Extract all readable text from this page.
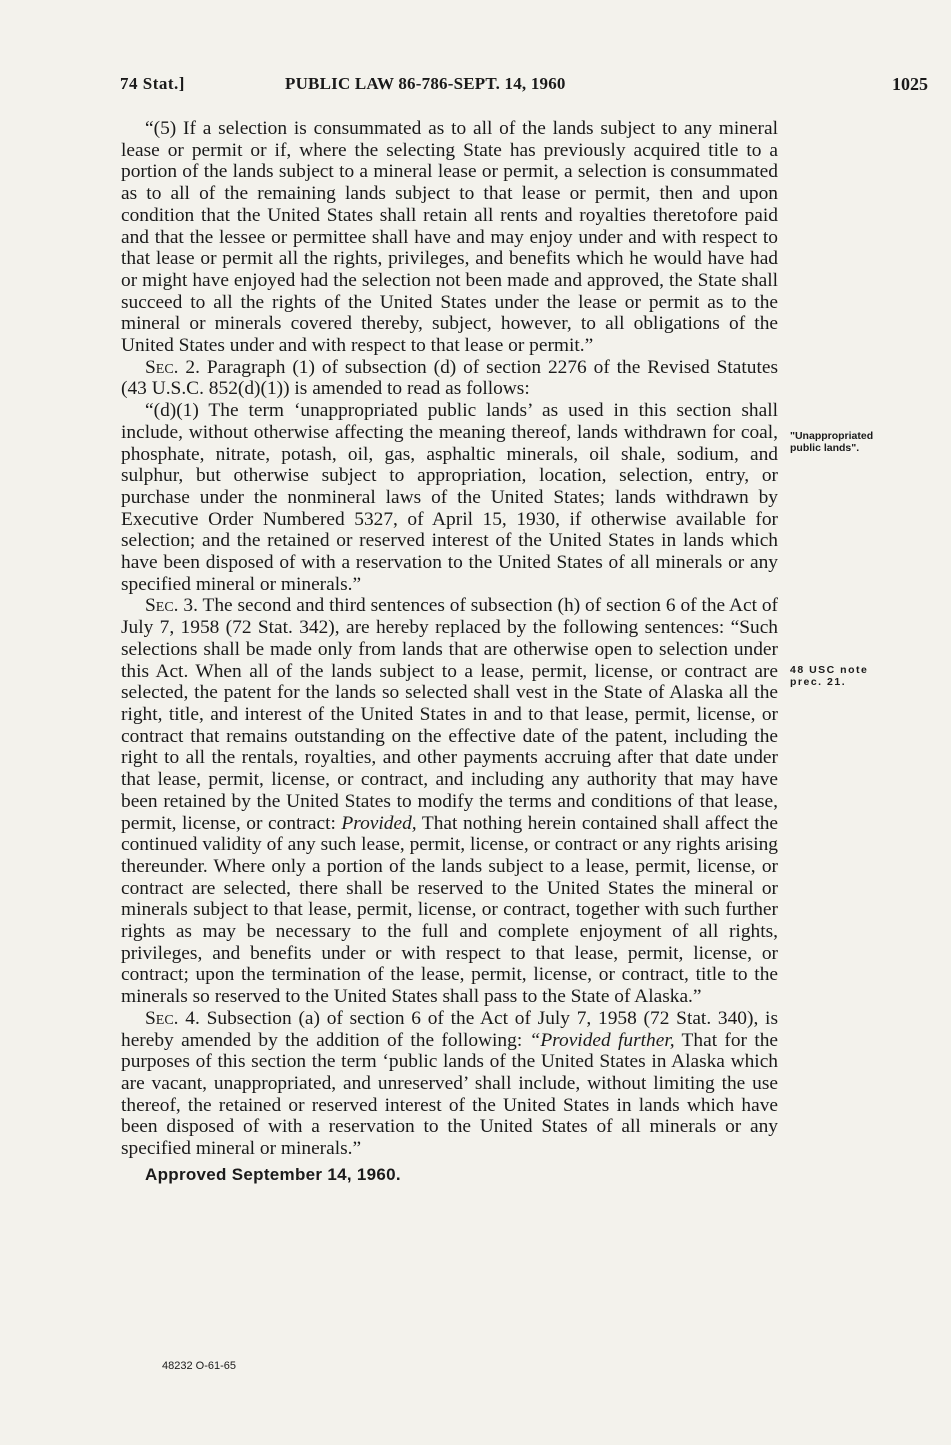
74 Stat.]	PUBLIC LAW 86-786-SEPT. 14, 1960	1025

“(5) If a selection is consummated as to all of the lands subject to any mineral lease or permit or if, where the selecting State has previously acquired title to a portion of the lands subject to a mineral lease or permit, a selection is consummated as to all of the remaining lands subject to that lease or permit, then and upon condition that the United States shall retain all rents and royalties theretofore paid and that the lessee or permittee shall have and may enjoy under and with respect to that lease or permit all the rights, privileges, and benefits which he would have had or might have enjoyed had the selection not been made and approved, the State shall succeed to all the rights of the United States under the lease or permit as to the mineral or minerals covered thereby, subject, however, to all obligations of the United States under and with respect to that lease or permit.”

Sec. 2. Paragraph (1) of subsection (d) of section 2276 of the Revised Statutes (43 U.S.C. 852(d)(1)) is amended to read as follows:

“(d)(1) The term ‘unappropriated public lands’ as used in this section shall include, without otherwise affecting the meaning thereof, lands withdrawn for coal, phosphate, nitrate, potash, oil, gas, asphaltic minerals, oil shale, sodium, and sulphur, but otherwise subject to appropriation, location, selection, entry, or purchase under the nonmineral laws of the United States; lands withdrawn by Executive Order Numbered 5327, of April 15, 1930, if otherwise available for selection; and the retained or reserved interest of the United States in lands which have been disposed of with a reservation to the United States of all minerals or any specified mineral or minerals.”

Sec. 3. The second and third sentences of subsection (h) of section 6 of the Act of July 7, 1958 (72 Stat. 342), are hereby replaced by the following sentences: “Such selections shall be made only from lands that are otherwise open to selection under this Act. When all of the lands subject to a lease, permit, license, or contract are selected, the patent for the lands so selected shall vest in the State of Alaska all the right, title, and interest of the United States in and to that lease, permit, license, or contract that remains outstanding on the effective date of the patent, including the right to all the rentals, royalties, and other payments accruing after that date under that lease, permit, license, or contract, and including any authority that may have been retained by the United States to modify the terms and conditions of that lease, permit, license, or contract: Provided, That nothing herein contained shall affect the continued validity of any such lease, permit, license, or contract or any rights arising thereunder. Where only a portion of the lands subject to a lease, permit, license, or contract are selected, there shall be reserved to the United States the mineral or minerals subject to that lease, permit, license, or contract, together with such further rights as may be necessary to the full and complete enjoyment of all rights, privileges, and benefits under or with respect to that lease, permit, license, or contract; upon the termination of the lease, permit, license, or contract, title to the minerals so reserved to the United States shall pass to the State of Alaska.”

Sec. 4. Subsection (a) of section 6 of the Act of July 7, 1958 (72 Stat. 340), is hereby amended by the addition of the following: “Provided further, That for the purposes of this section the term ‘public lands of the United States in Alaska which are vacant, unappropriated, and unreserved’ shall include, without limiting the use thereof, the retained or reserved interest of the United States in lands which have been disposed of with a reservation to the United States of all minerals or any specified mineral or minerals.”

Approved September 14, 1960.

"Unappropriated
public lands".
48 USC note
prec. 21.
48232 O-61-65
